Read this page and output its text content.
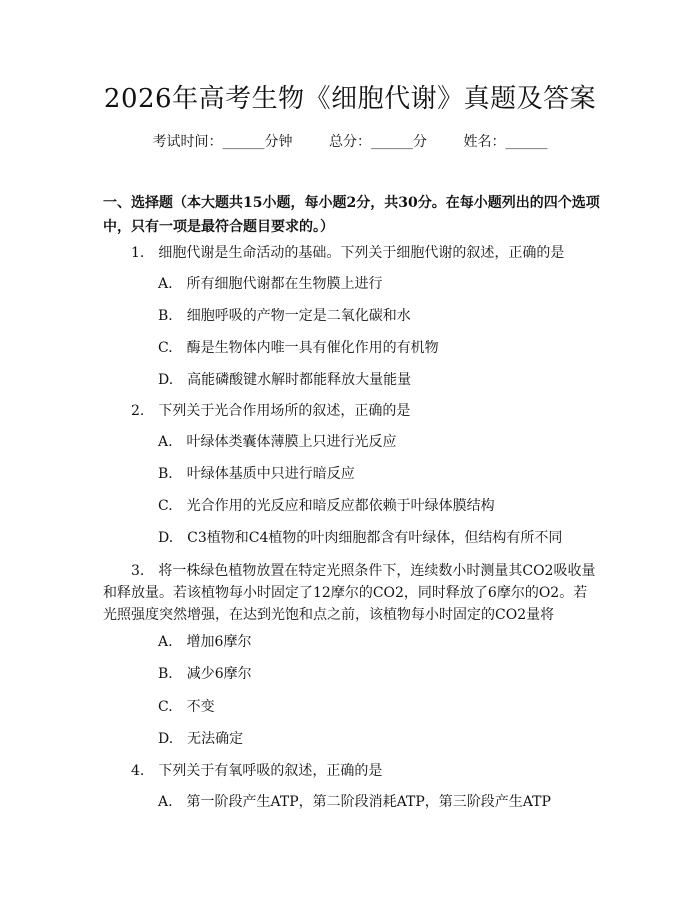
2026年高考生物《细胞代谢》真题及答案
考试时间：______分钟	总分：______分	姓名：______
一、选择题（本大题共15小题，每小题2分，共30分。在每小题列出的四个选项中，只有一项是最符合题目要求的。）
1.　细胞代谢是生命活动的基础。下列关于细胞代谢的叙述，正确的是
A.　所有细胞代谢都在生物膜上进行
B.　细胞呼吸的产物一定是二氧化碳和水
C.　酶是生物体内唯一具有催化作用的有机物
D.　高能磷酸键水解时都能释放大量能量
2.　下列关于光合作用场所的叙述，正确的是
A.　叶绿体类囊体薄膜上只进行光反应
B.　叶绿体基质中只进行暗反应
C.　光合作用的光反应和暗反应都依赖于叶绿体膜结构
D.　C3植物和C4植物的叶肉细胞都含有叶绿体，但结构有所不同
3.　将一株绿色植物放置在特定光照条件下，连续数小时测量其CO2吸收量和释放量。若该植物每小时固定了12摩尔的CO2，同时释放了6摩尔的O2。若光照强度突然增强，在达到光饱和点之前，该植物每小时固定的CO2量将
A.　增加6摩尔
B.　减少6摩尔
C.　不变
D.　无法确定
4.　下列关于有氧呼吸的叙述，正确的是
A.　第一阶段产生ATP，第二阶段消耗ATP，第三阶段产生ATP
